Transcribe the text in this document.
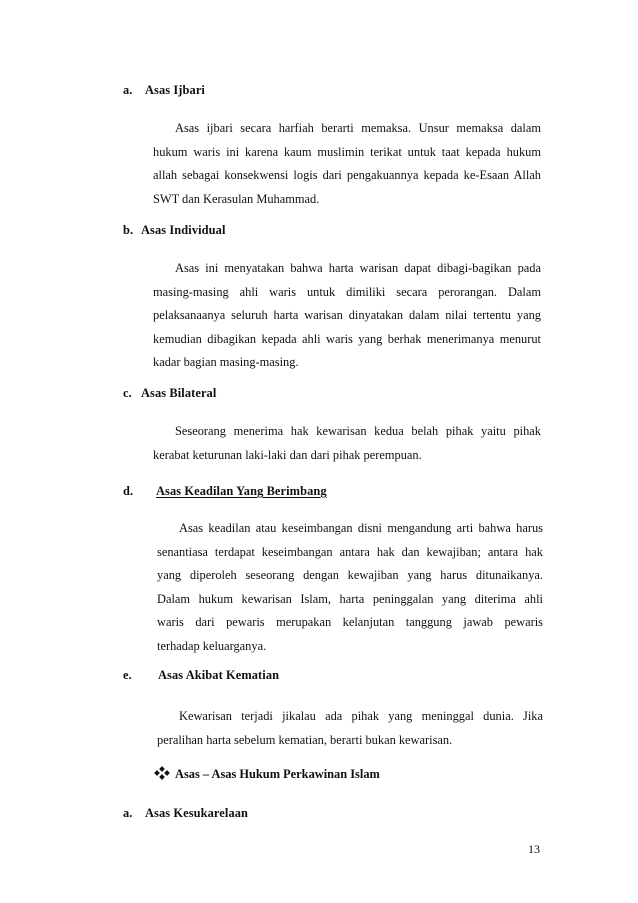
a. Asas Ijbari
Asas ijbari secara harfiah berarti memaksa. Unsur memaksa dalam
hukum waris ini karena kaum muslimin terikat untuk taat kepada hukum
allah sebagai konsekwensi logis dari pengakuannya kepada ke-Esaan Allah
SWT dan Kerasulan Muhammad.
b. Asas Individual
Asas ini menyatakan bahwa harta warisan dapat dibagi-bagikan pada
masing-masing ahli waris untuk dimiliki secara perorangan. Dalam
pelaksanaanya seluruh harta warisan dinyatakan dalam nilai tertentu yang
kemudian dibagikan kepada ahli waris yang berhak menerimanya menurut
kadar bagian masing-masing.
c. Asas Bilateral
Seseorang menerima hak kewarisan kedua belah pihak yaitu pihak
kerabat keturunan laki-laki dan dari pihak perempuan.
d. Asas Keadilan Yang Berimbang
Asas keadilan atau keseimbangan disni mengandung arti bahwa harus
senantiasa terdapat keseimbangan antara hak dan kewajiban; antara hak
yang diperoleh seseorang dengan kewajiban yang harus ditunaikanya.
Dalam hukum kewarisan Islam, harta peninggalan yang diterima ahli
waris dari pewaris merupakan kelanjutan tanggung jawab pewaris
terhadap keluarganya.
e. Asas Akibat Kematian
Kewarisan terjadi jikalau ada pihak yang meninggal dunia. Jika
peralihan harta sebelum kematian, berarti bukan kewarisan.
Asas – Asas Hukum Perkawinan Islam
a. Asas Kesukarelaan
13
